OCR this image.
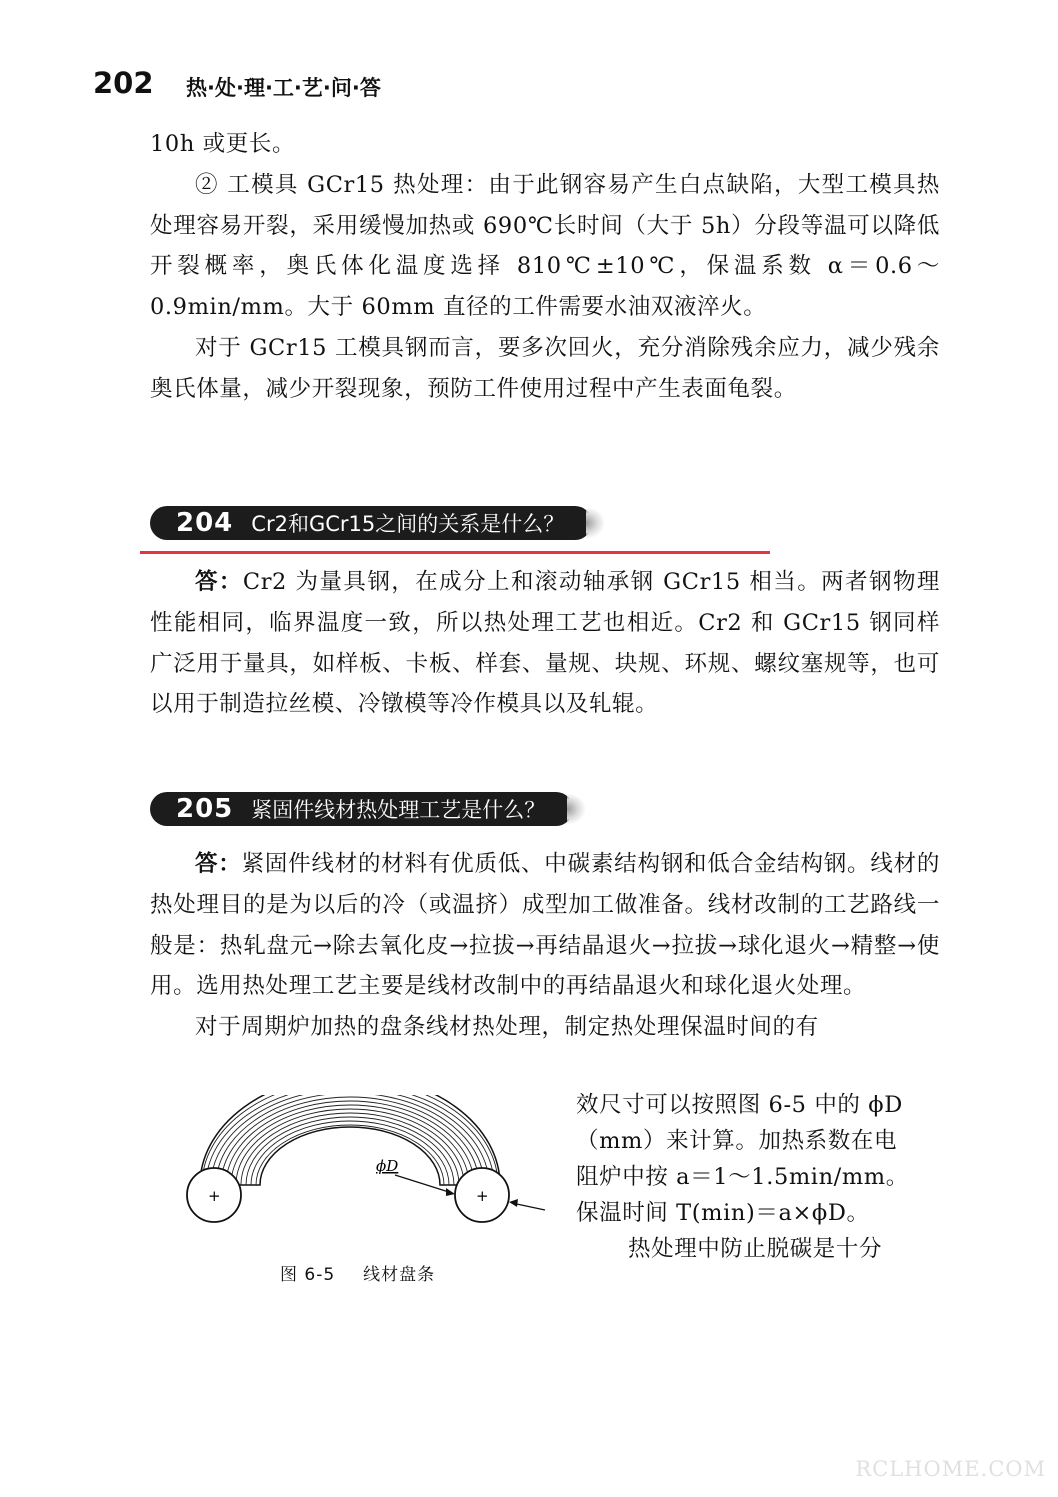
202 热·处·理·工·艺·问·答

10h 或更长。

② 工模具 GCr15 热处理：由于此钢容易产生白点缺陷，大型工模具热处理容易开裂，采用缓慢加热或 690℃长时间（大于 5h）分段等温可以降低开裂概率，奥氏体化温度选择 810℃±10℃，保温系数 α＝0.6～0.9min/mm。大于 60mm 直径的工件需要水油双液淬火。

对于 GCr15 工模具钢而言，要多次回火，充分消除残余应力，减少残余奥氏体量，减少开裂现象，预防工件使用过程中产生表面龟裂。

204 Cr2和GCr15之间的关系是什么？

答：Cr2 为量具钢，在成分上和滚动轴承钢 GCr15 相当。两者钢物理性能相同，临界温度一致，所以热处理工艺也相近。Cr2 和 GCr15 钢同样广泛用于量具，如样板、卡板、样套、量规、块规、环规、螺纹塞规等，也可以用于制造拉丝模、冷镦模等冷作模具以及轧辊。

205 紧固件线材热处理工艺是什么？

答：紧固件线材的材料有优质低、中碳素结构钢和低合金结构钢。线材的热处理目的是为以后的冷（或温挤）成型加工做准备。线材改制的工艺路线一般是：热轧盘元→除去氧化皮→拉拔→再结晶退火→拉拔→球化退火→精整→使用。选用热处理工艺主要是线材改制中的再结晶退火和球化退火处理。

对于周期炉加热的盘条线材热处理，制定热处理保温时间的有

+	+
ϕD
图 6-5 线材盘条
效尺寸可以按照图 6-5 中的 ϕD
（mm）来计算。加热系数在电
阻炉中按 a＝1～1.5min/mm。
保温时间 T(min)＝a×ϕD。
热处理中防止脱碳是十分
RCLHOME.COM
